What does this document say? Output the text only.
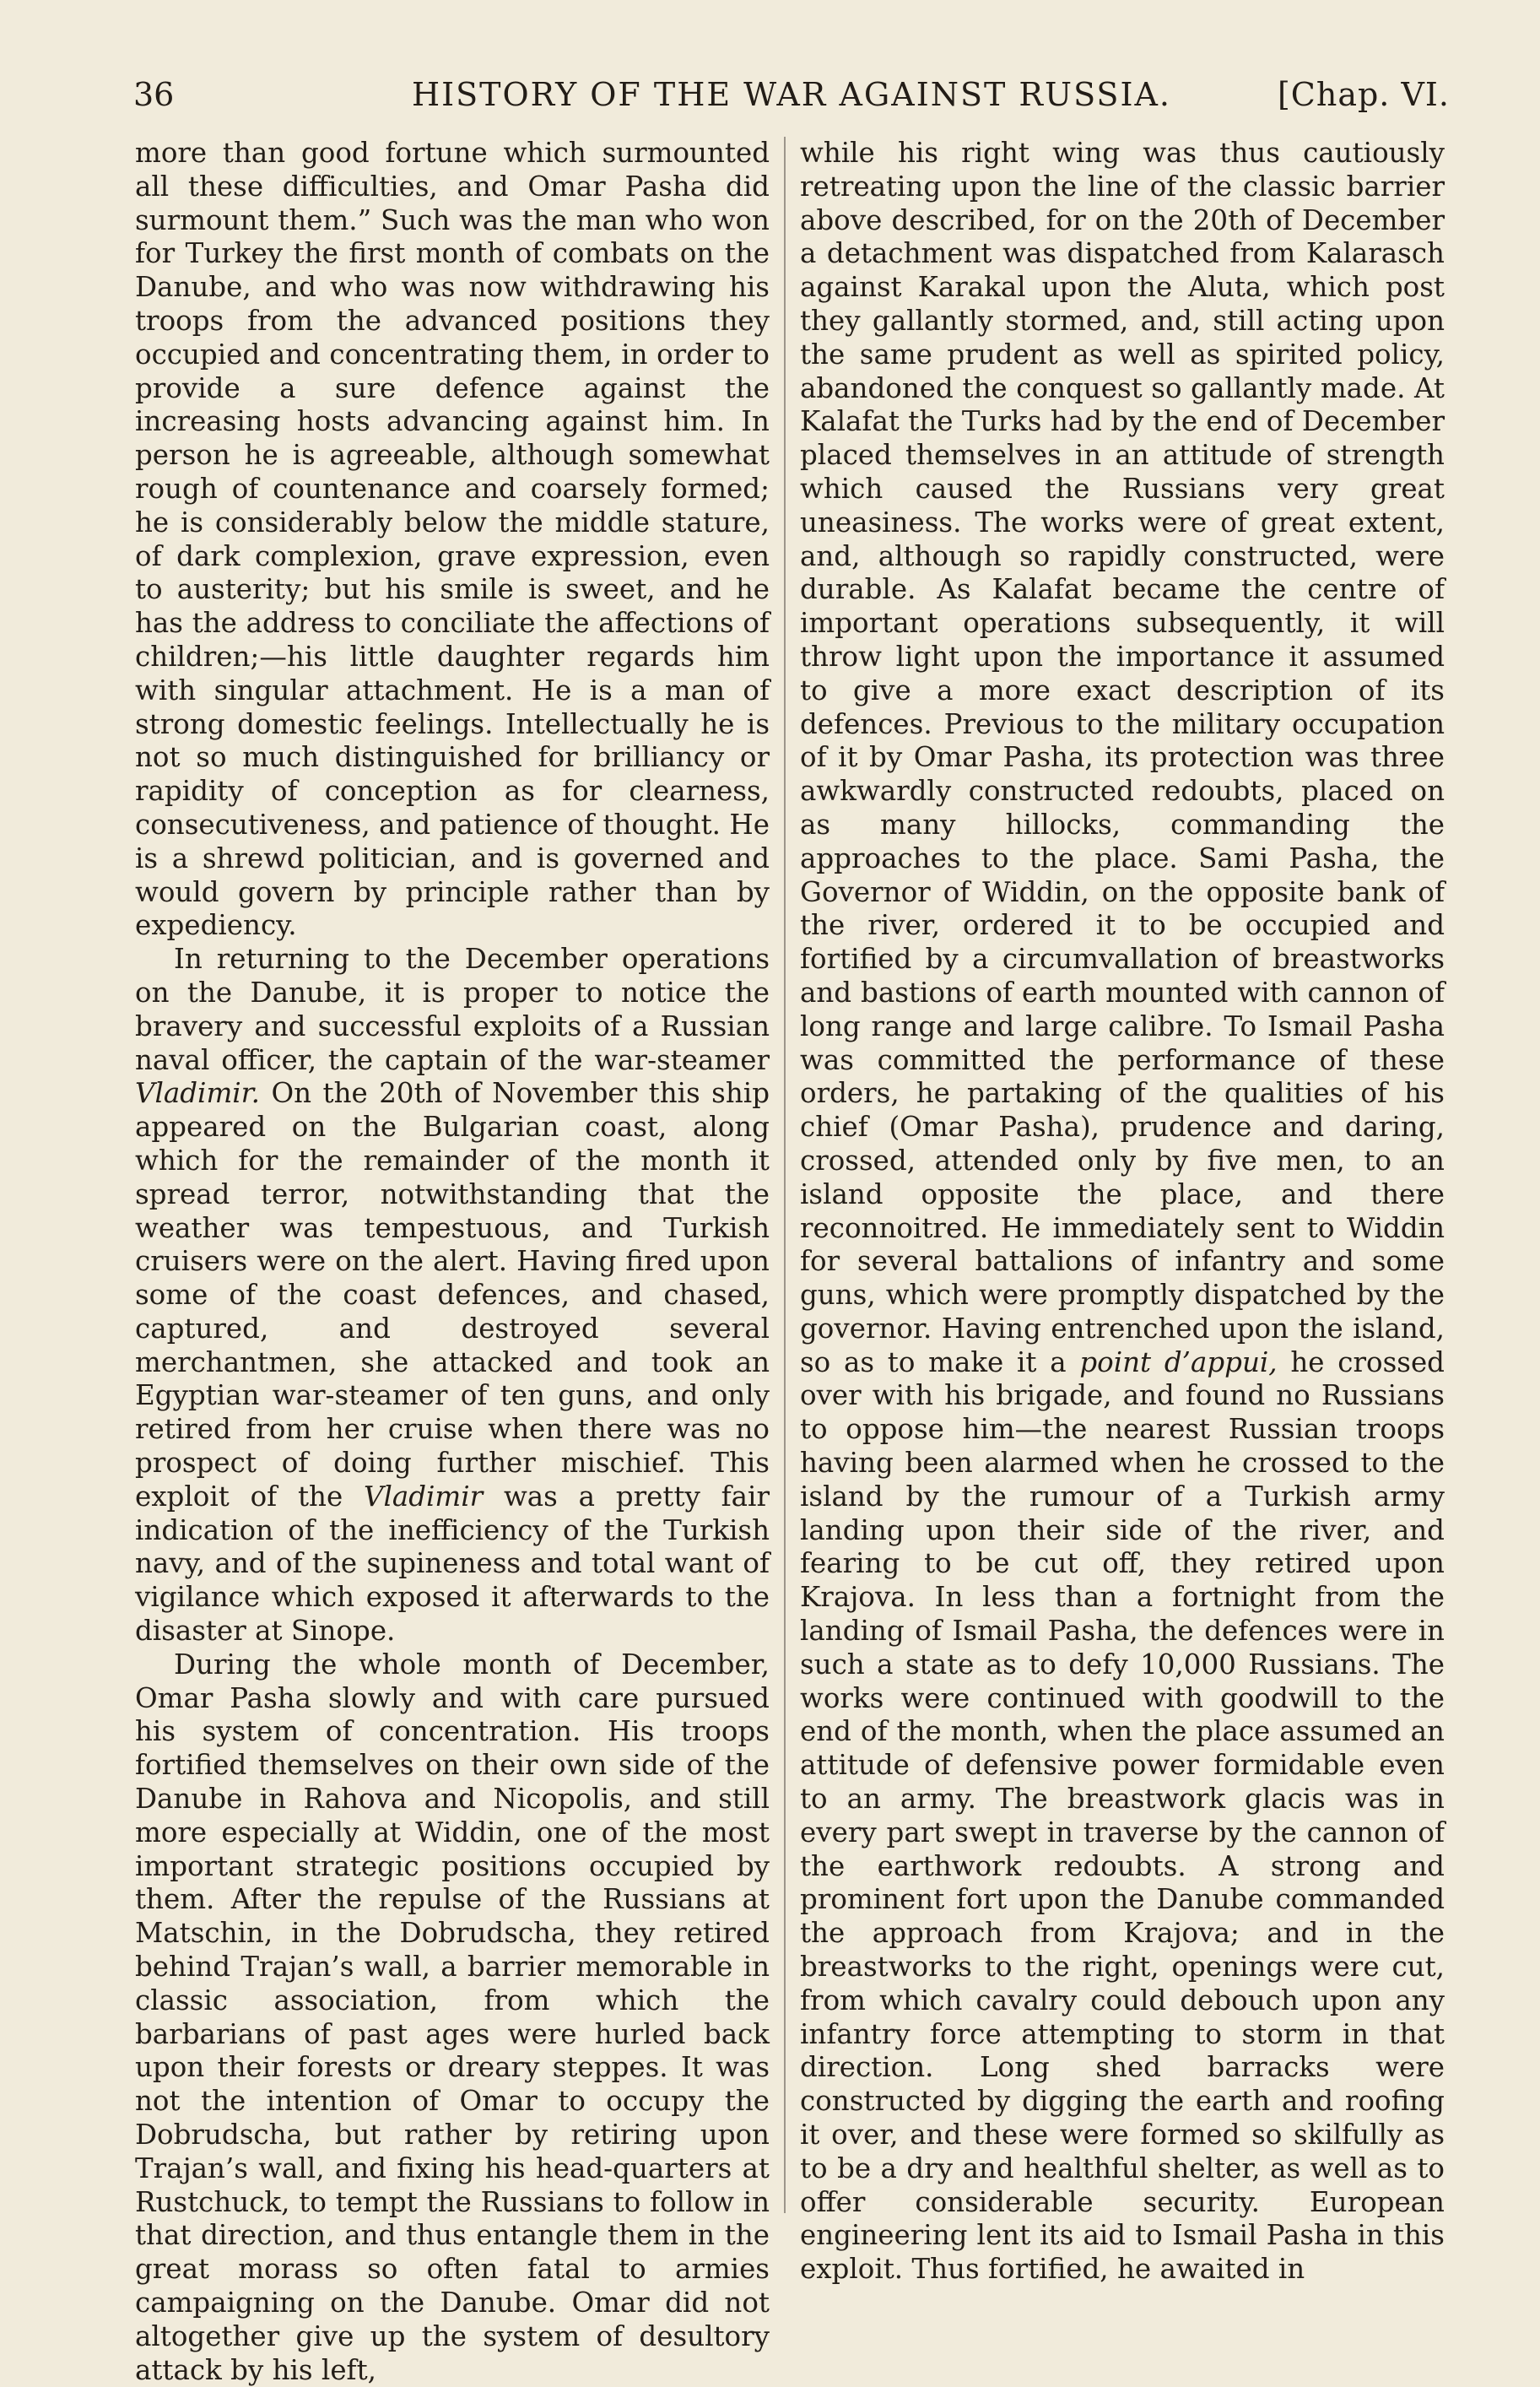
36	HISTORY OF THE WAR AGAINST RUSSIA.	[Chap. VI.

more than good fortune which surmounted all these difficulties, and Omar Pasha did surmount them.” Such was the man who won for Turkey the first month of combats on the Danube, and who was now withdrawing his troops from the advanced positions they occupied and concentrating them, in order to provide a sure defence against the increasing hosts advancing against him. In person he is agreeable, although somewhat rough of countenance and coarsely formed; he is considerably below the middle stature, of dark complexion, grave expression, even to austerity; but his smile is sweet, and he has the address to conciliate the affections of children;—his little daughter regards him with singular attachment. He is a man of strong domestic feelings. Intellectually he is not so much distinguished for brilliancy or rapidity of conception as for clearness, consecutiveness, and patience of thought. He is a shrewd politician, and is governed and would govern by principle rather than by expediency.

In returning to the December operations on the Danube, it is proper to notice the bravery and successful exploits of a Russian naval officer, the captain of the war-steamer Vladimir. On the 20th of November this ship appeared on the Bulgarian coast, along which for the remainder of the month it spread terror, notwithstanding that the weather was tempestuous, and Turkish cruisers were on the alert. Having fired upon some of the coast defences, and chased, captured, and destroyed several merchantmen, she attacked and took an Egyptian war-steamer of ten guns, and only retired from her cruise when there was no prospect of doing further mischief. This exploit of the Vladimir was a pretty fair indication of the inefficiency of the Turkish navy, and of the supineness and total want of vigilance which exposed it afterwards to the disaster at Sinope.

During the whole month of December, Omar Pasha slowly and with care pursued his system of concentration. His troops fortified themselves on their own side of the Danube in Rahova and Nicopolis, and still more especially at Widdin, one of the most important strategic positions occupied by them. After the repulse of the Russians at Matschin, in the Dobrudscha, they retired behind Trajan’s wall, a barrier memorable in classic association, from which the barbarians of past ages were hurled back upon their forests or dreary steppes. It was not the intention of Omar to occupy the Dobrudscha, but rather by retiring upon Trajan’s wall, and fixing his head-quarters at Rustchuck, to tempt the Russians to follow in that direction, and thus entangle them in the great morass so often fatal to armies campaigning on the Danube. Omar did not altogether give up the system of desultory attack by his left,

while his right wing was thus cautiously retreating upon the line of the classic barrier above described, for on the 20th of December a detachment was dispatched from Kalarasch against Karakal upon the Aluta, which post they gallantly stormed, and, still acting upon the same prudent as well as spirited policy, abandoned the conquest so gallantly made. At Kalafat the Turks had by the end of December placed themselves in an attitude of strength which caused the Russians very great uneasiness. The works were of great extent, and, although so rapidly constructed, were durable. As Kalafat became the centre of important operations subsequently, it will throw light upon the importance it assumed to give a more exact description of its defences. Previous to the military occupation of it by Omar Pasha, its protection was three awkwardly constructed redoubts, placed on as many hillocks, commanding the approaches to the place. Sami Pasha, the Governor of Widdin, on the opposite bank of the river, ordered it to be occupied and fortified by a circumvallation of breastworks and bastions of earth mounted with cannon of long range and large calibre. To Ismail Pasha was committed the performance of these orders, he partaking of the qualities of his chief (Omar Pasha), prudence and daring, crossed, attended only by five men, to an island opposite the place, and there reconnoitred. He immediately sent to Widdin for several battalions of infantry and some guns, which were promptly dispatched by the governor. Having entrenched upon the island, so as to make it a point d’appui, he crossed over with his brigade, and found no Russians to oppose him—the nearest Russian troops having been alarmed when he crossed to the island by the rumour of a Turkish army landing upon their side of the river, and fearing to be cut off, they retired upon Krajova. In less than a fortnight from the landing of Ismail Pasha, the defences were in such a state as to defy 10,000 Russians. The works were continued with goodwill to the end of the month, when the place assumed an attitude of defensive power formidable even to an army. The breastwork glacis was in every part swept in traverse by the cannon of the earthwork redoubts. A strong and prominent fort upon the Danube commanded the approach from Krajova; and in the breastworks to the right, openings were cut, from which cavalry could debouch upon any infantry force attempting to storm in that direction. Long shed barracks were constructed by digging the earth and roofing it over, and these were formed so skilfully as to be a dry and healthful shelter, as well as to offer considerable security. European engineering lent its aid to Ismail Pasha in this exploit. Thus fortified, he awaited in
